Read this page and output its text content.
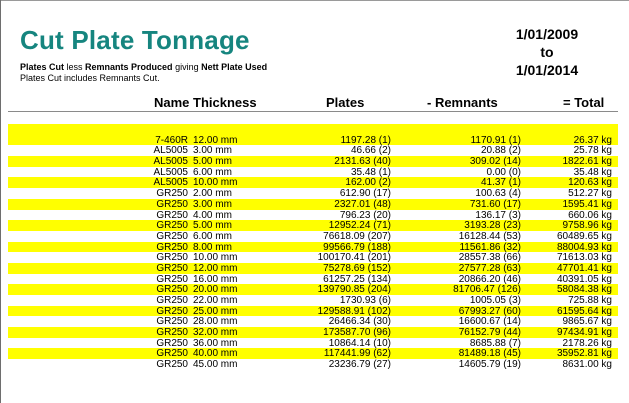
Cut Plate Tonnage
Plates Cut less Remnants Produced giving Nett Plate Used
Plates Cut includes Remnants Cut.
1/01/2009
to
1/01/2014
Name Thickness	Plates	- Remnants	= Total
7-460R 12.00 mm	1197.28 (1)	1170.91 (1)	26.37 kg
AL5005 3.00 mm	46.66 (2)	20.88 (2)	25.78 kg
AL5005 5.00 mm	2131.63 (40)	309.02 (14)	1822.61 kg
AL5005 6.00 mm	35.48 (1)	0.00 (0)	35.48 kg
AL5005 10.00 mm	162.00 (2)	41.37 (1)	120.63 kg
GR250 2.00 mm	612.90 (17)	100.63 (4)	512.27 kg
GR250 3.00 mm	2327.01 (48)	731.60 (17)	1595.41 kg
GR250 4.00 mm	796.23 (20)	136.17 (3)	660.06 kg
GR250 5.00 mm	12952.24 (71)	3193.28 (23)	9758.96 kg
GR250 6.00 mm	76618.09 (207)	16128.44 (53)	60489.65 kg
GR250 8.00 mm	99566.79 (188)	11561.86 (32)	88004.93 kg
GR250 10.00 mm	100170.41 (201)	28557.38 (66)	71613.03 kg
GR250 12.00 mm	75278.69 (152)	27577.28 (63)	47701.41 kg
GR250 16.00 mm	61257.25 (134)	20866.20 (46)	40391.05 kg
GR250 20.00 mm	139790.85 (204)	81706.47 (126)	58084.38 kg
GR250 22.00 mm	1730.93 (6)	1005.05 (3)	725.88 kg
GR250 25.00 mm	129588.91 (102)	67993.27 (60)	61595.64 kg
GR250 28.00 mm	26466.34 (30)	16600.67 (14)	9865.67 kg
GR250 32.00 mm	173587.70 (96)	76152.79 (44)	97434.91 kg
GR250 36.00 mm	10864.14 (10)	8685.88 (7)	2178.26 kg
GR250 40.00 mm	117441.99 (62)	81489.18 (45)	35952.81 kg
GR250 45.00 mm	23236.79 (27)	14605.79 (19)	8631.00 kg
